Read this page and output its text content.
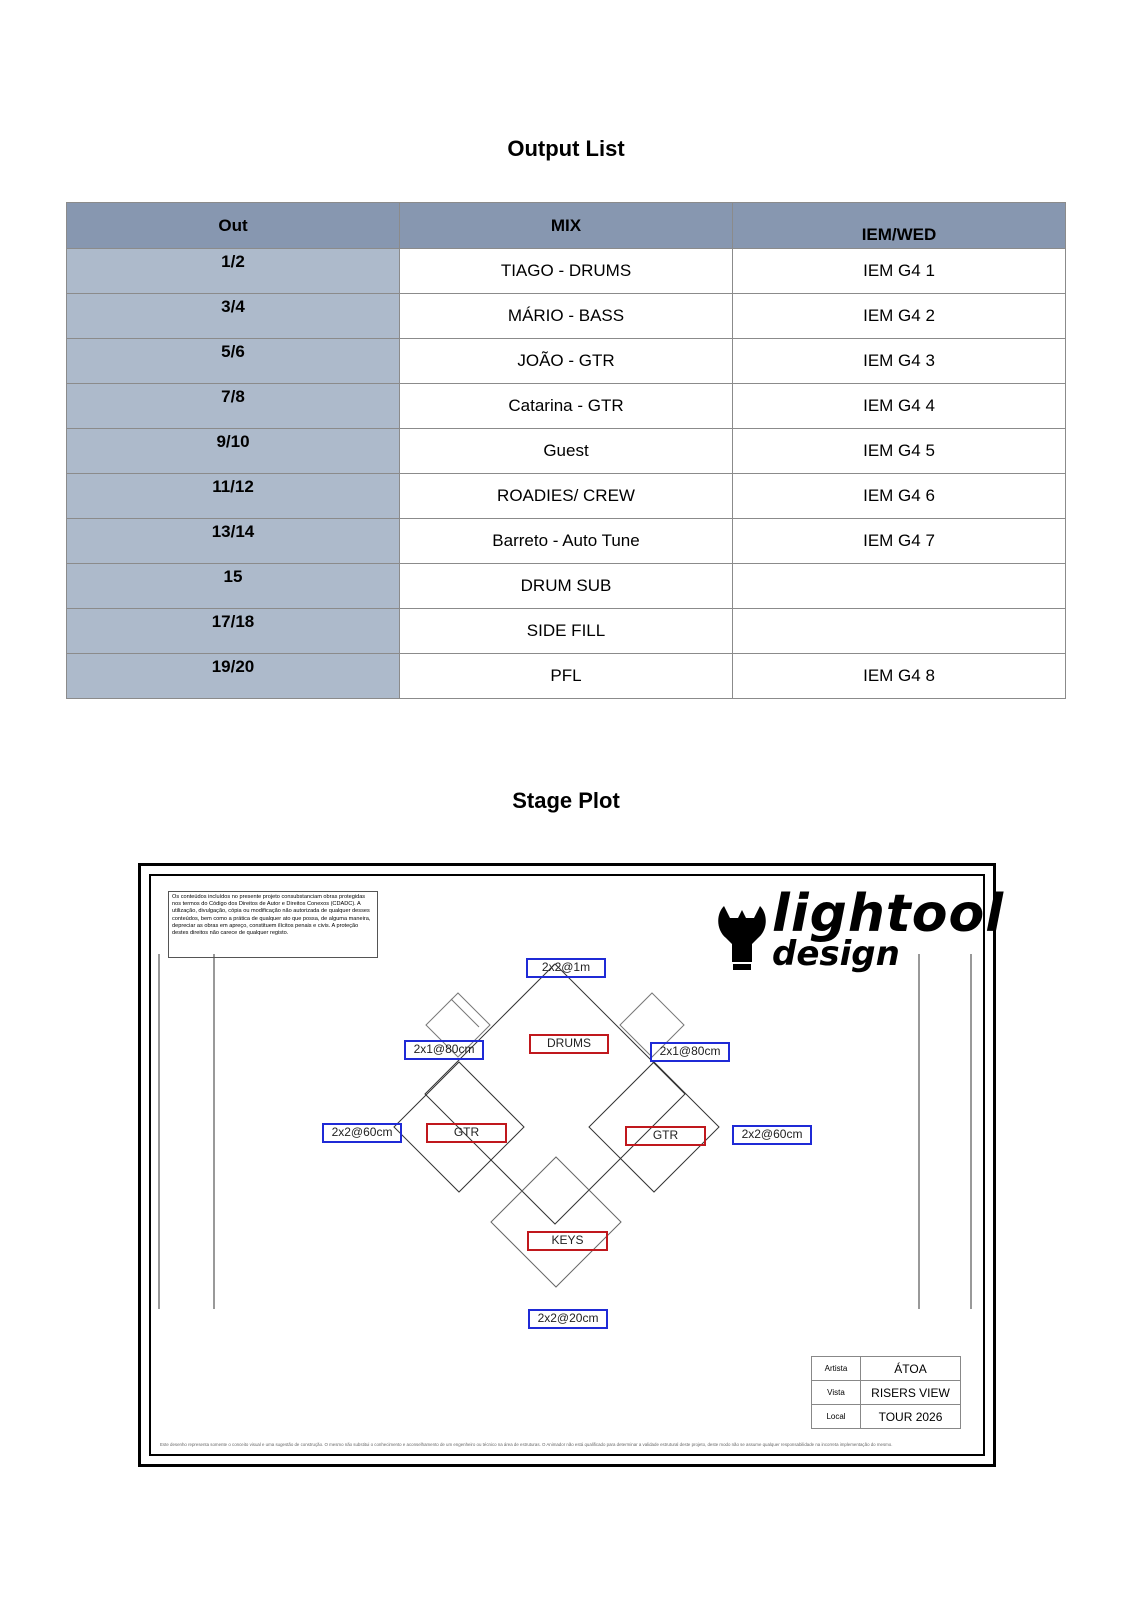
Output List
Out	MIX	IEM/WED
1/2	TIAGO - DRUMS	IEM G4 1
3/4	MÁRIO - BASS	IEM G4 2
5/6	JOÃO - GTR	IEM G4 3
7/8	Catarina - GTR	IEM G4 4
9/10	Guest	IEM G4 5
11/12	ROADIES/ CREW	IEM G4 6
13/14	Barreto - Auto Tune	IEM G4 7
15	DRUM SUB	
17/18	SIDE FILL	
19/20	PFL	IEM G4 8
Stage Plot
Os conteúdos incluídos no presente projeto consubstanciam obras protegidas nos termos do Código dos Direitos de Autor e Direitos Conexos (CDADC). A utilização, divulgação, cópia ou modificação não autorizada de qualquer desses conteúdos, bem como a prática de qualquer ato que possa, de alguma maneira, depreciar as obras em apreço, constituem ilícitos penais e civis. A proteção destes direitos não carece de qualquer registo.	lightool
design
2x2@1m
2x1@80cm	2x1@80cm
2x2@60cm	2x2@60cm
2x2@20cm
DRUMS
GTR	GTR
KEYS
Artista	ÁTOA
Vista	RISERS VIEW
Local	TOUR 2026
Este desenho representa somente o conceito visual e uma sugestão de construção. O mesmo não substitui o conhecimento e aconselhamento de um engenheiro ou técnico na área de estruturas. O Animador não está qualificado para determinar a validade estrutural deste projeto, deste modo não se assume qualquer responsabilidade na incorreta implementação do mesmo.
